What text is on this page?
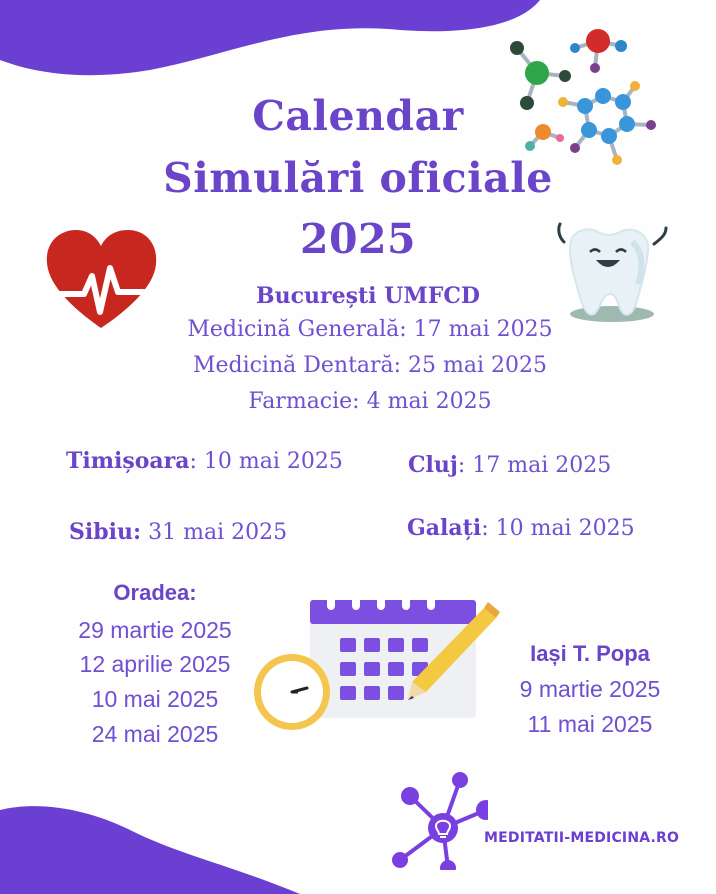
Calendar
Simulări oficiale
2025
București UMFCD
Medicină Generală: 17 mai 2025
Medicină Dentară: 25 mai 2025
Farmacie: 4 mai 2025
Timișoara: 10 mai 2025	Cluj: 17 mai 2025
Sibiu: 31 mai 2025	Galați: 10 mai 2025
Oradea:
29 martie 2025
12 aprilie 2025
10 mai 2025
24 mai 2025
Iași T. Popa
9 martie 2025
11 mai 2025
MEDITATII-MEDICINA.RO
